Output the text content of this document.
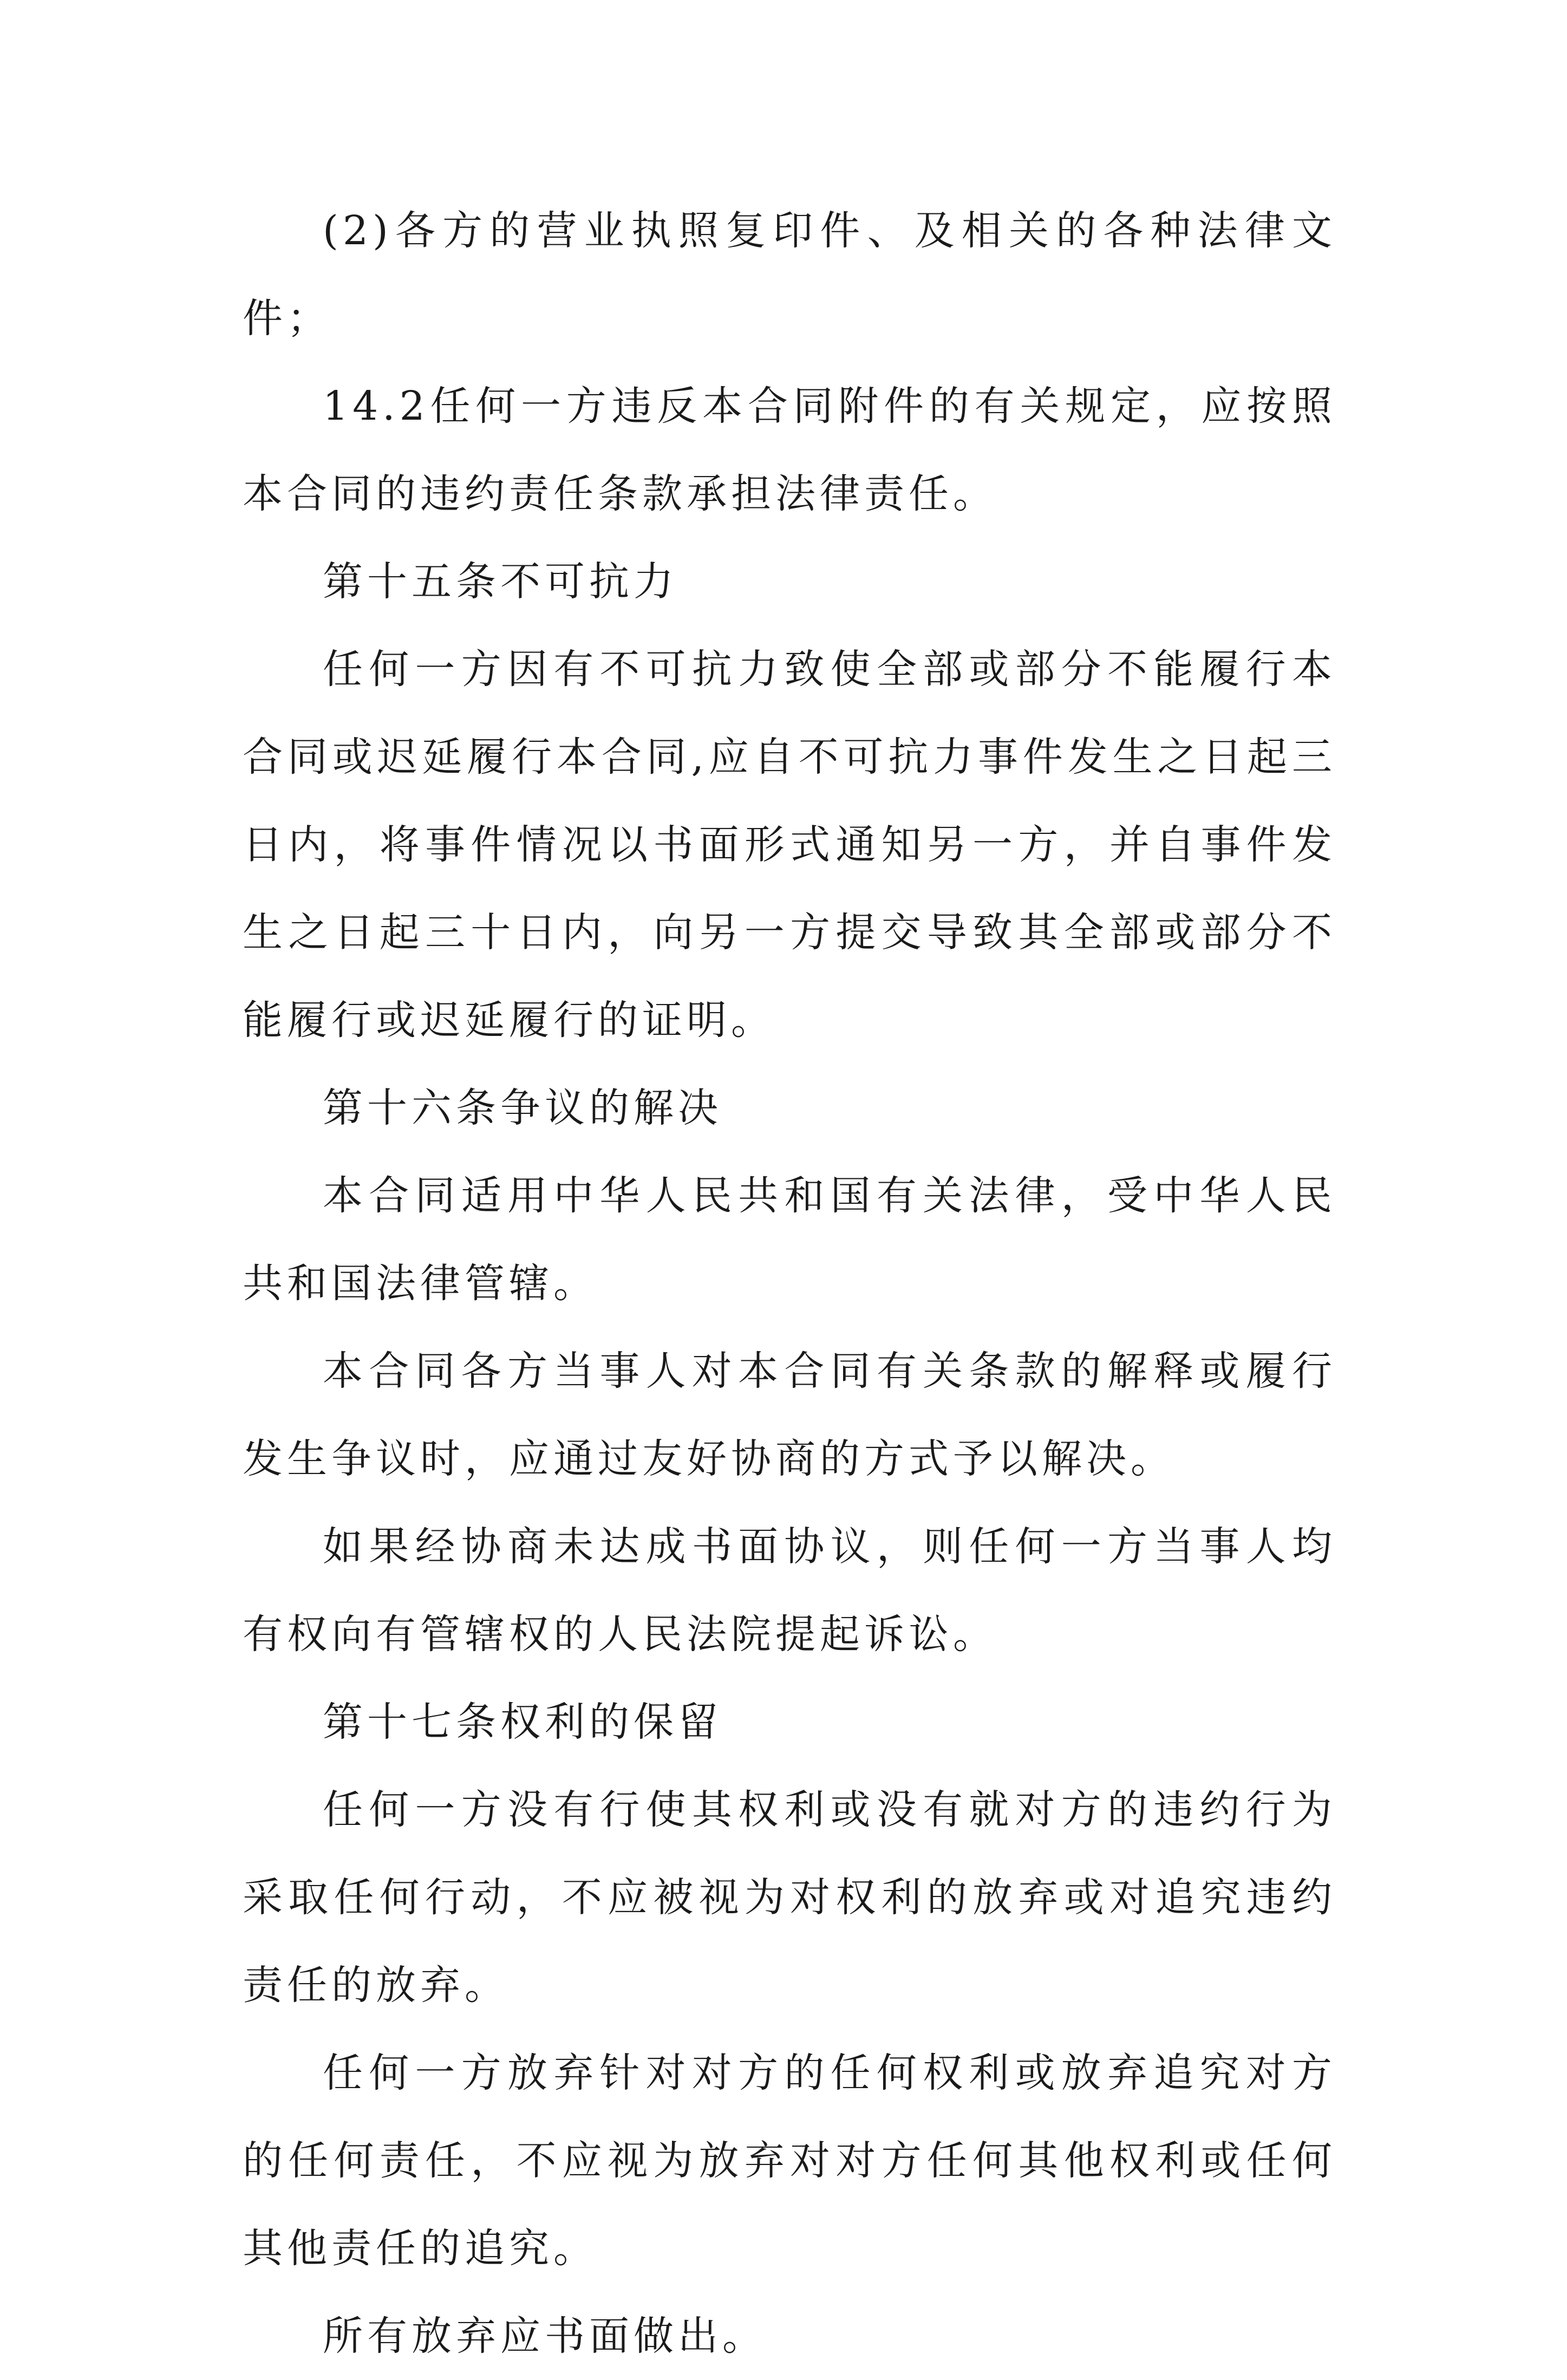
(2)各方的营业执照复印件、及相关的各种法律文件；

14.2任何一方违反本合同附件的有关规定，应按照本合同的违约责任条款承担法律责任。

第十五条不可抗力

任何一方因有不可抗力致使全部或部分不能履行本合同或迟延履行本合同,应自不可抗力事件发生之日起三日内，将事件情况以书面形式通知另一方，并自事件发生之日起三十日内，向另一方提交导致其全部或部分不能履行或迟延履行的证明。

第十六条争议的解决

本合同适用中华人民共和国有关法律，受中华人民共和国法律管辖。

本合同各方当事人对本合同有关条款的解释或履行发生争议时，应通过友好协商的方式予以解决。

如果经协商未达成书面协议，则任何一方当事人均有权向有管辖权的人民法院提起诉讼。

第十七条权利的保留

任何一方没有行使其权利或没有就对方的违约行为采取任何行动，不应被视为对权利的放弃或对追究违约责任的放弃。

任何一方放弃针对对方的任何权利或放弃追究对方的任何责任，不应视为放弃对对方任何其他权利或任何其他责任的追究。

所有放弃应书面做出。
